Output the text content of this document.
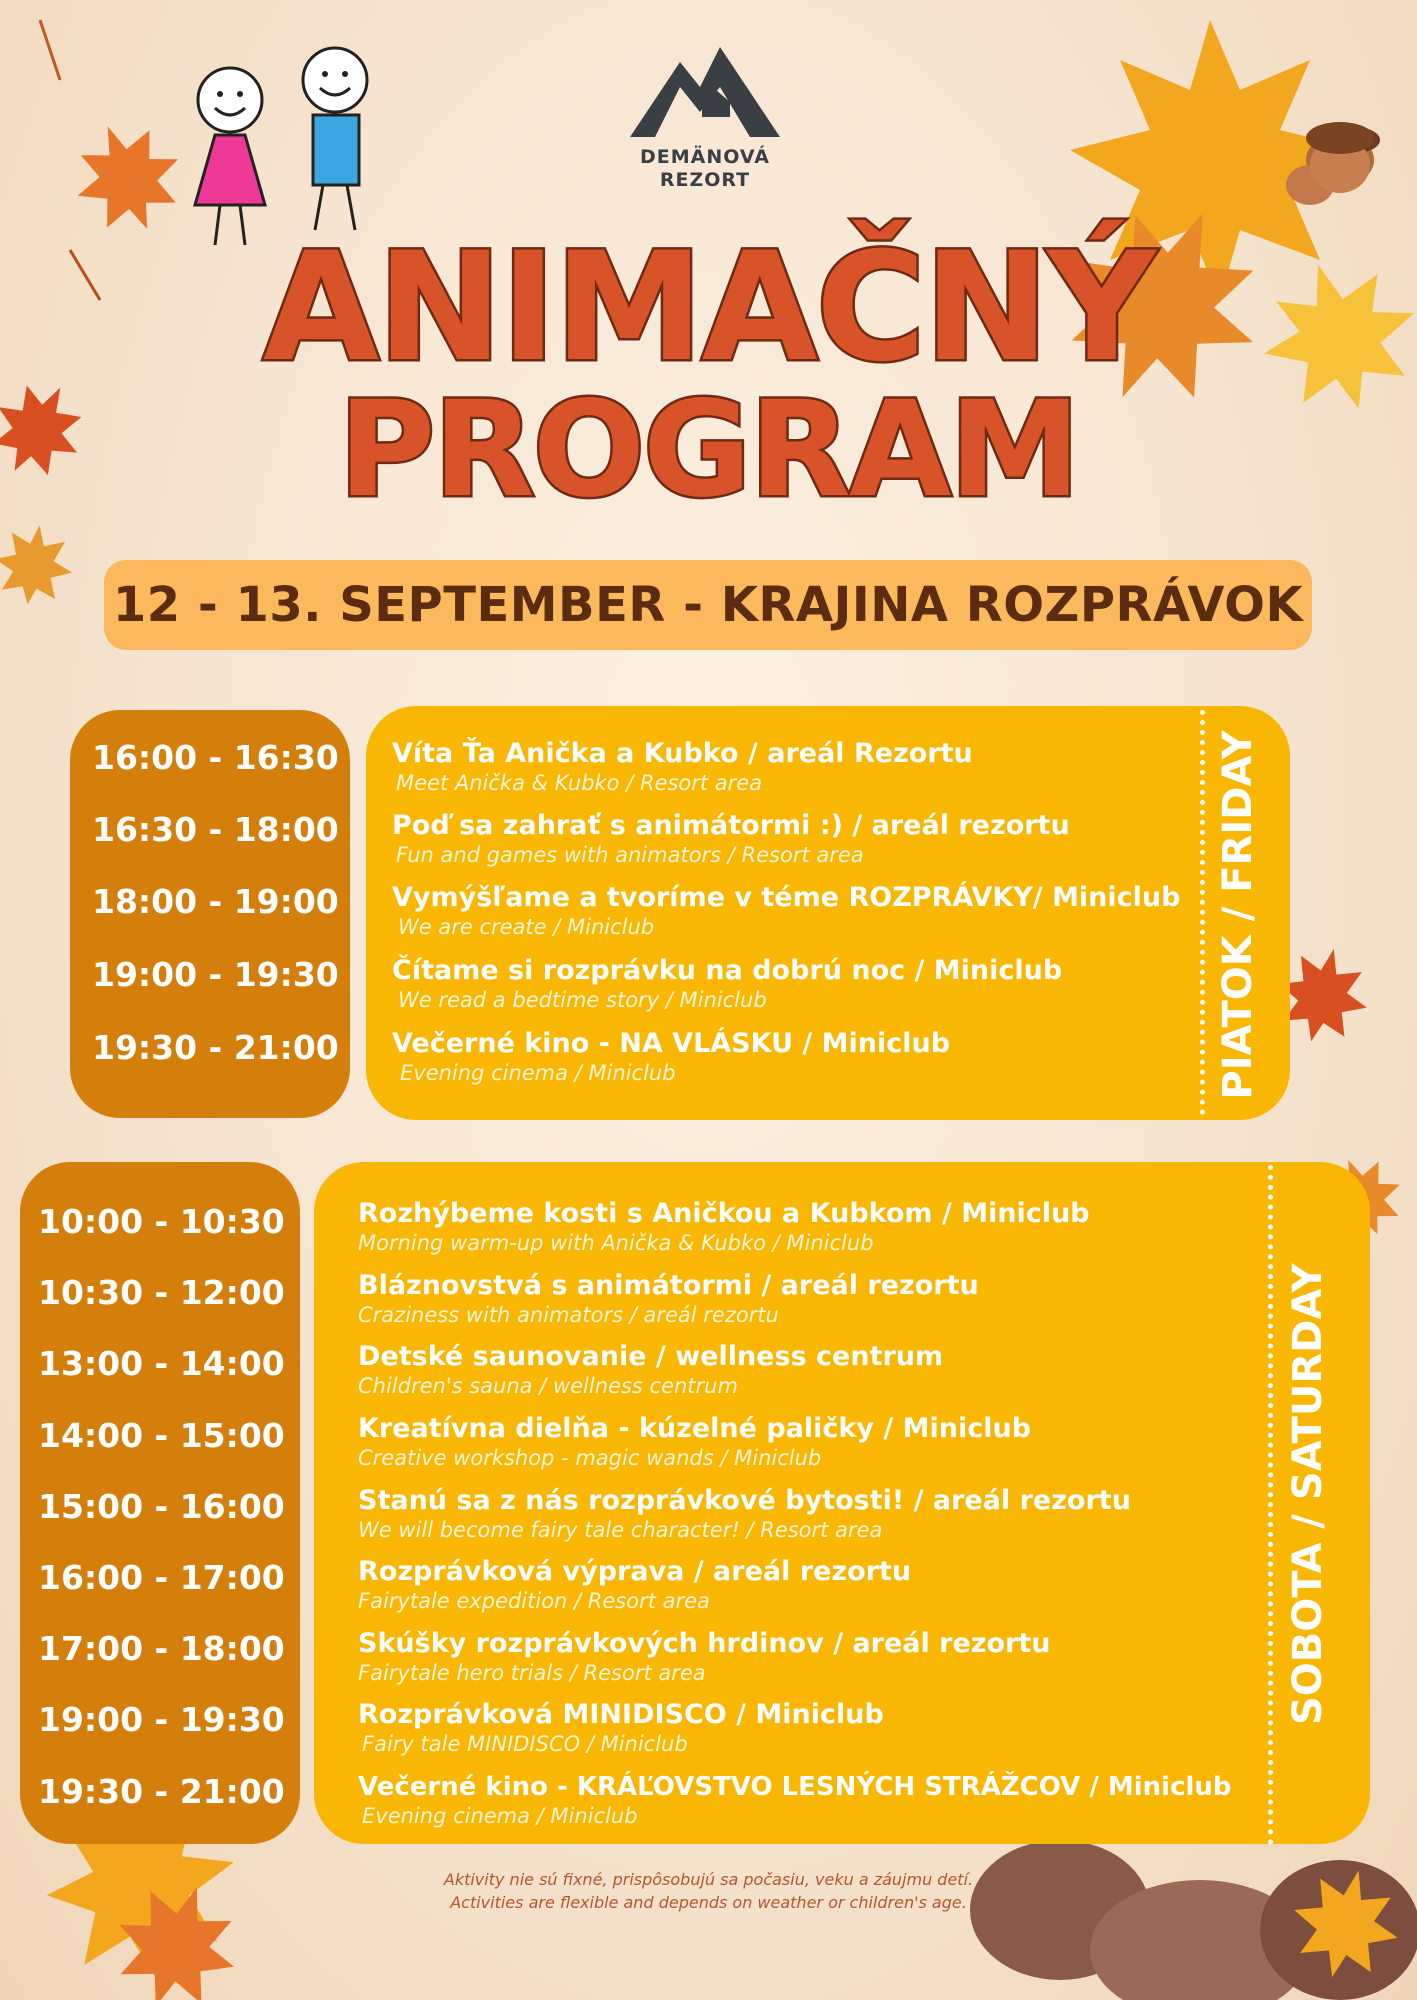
DEMÄNOVÁ
REZORT
ANIMAČNÝ
PROGRAM
12 - 13. SEPTEMBER - KRAJINA ROZPRÁVOK
PIATOK / FRIDAY
16:00 - 16:30
16:30 - 18:00
18:00 - 19:00
19:00 - 19:30
19:30 - 21:00
Víta Ťa Anička a Kubko / areál Rezortu
Meet Anička & Kubko / Resort area
Poď sa zahrať s animátormi :) / areál rezortu
Fun and games with animators / Resort area
Vymýšľame a tvoríme v téme ROZPRÁVKY/ Miniclub
We are create / Miniclub
Čítame si rozprávku na dobrú noc / Miniclub
We read a bedtime story / Miniclub
Večerné kino - NA VLÁSKU / Miniclub
Evening cinema / Miniclub
SOBOTA / SATURDAY
10:00 - 10:30
10:30 - 12:00
13:00 - 14:00
14:00 - 15:00
15:00 - 16:00
16:00 - 17:00
17:00 - 18:00
19:00 - 19:30
19:30 - 21:00
Rozhýbeme kosti s Aničkou a Kubkom / Miniclub
Morning warm-up with Anička & Kubko / Miniclub
Bláznovstvá s animátormi / areál rezortu
Craziness with animators / areál rezortu
Detské saunovanie / wellness centrum
Children's sauna / wellness centrum
Kreatívna dielňa - kúzelné paličky / Miniclub
Creative workshop - magic wands / Miniclub
Stanú sa z nás rozprávkové bytosti! / areál rezortu
We will become fairy tale character! / Resort area
Rozprávková výprava / areál rezortu
Fairytale expedition / Resort area
Skúšky rozprávkových hrdinov / areál rezortu
Fairytale hero trials / Resort area
Rozprávková MINIDISCO / Miniclub
Fairy tale MINIDISCO / Miniclub
Večerné kino - KRÁĽOVSTVO LESNÝCH STRÁŽCOV / Miniclub
Evening cinema / Miniclub
Aktivity nie sú fixné, prispôsobujú sa počasiu, veku a záujmu detí.
Activities are flexible and depends on weather or children's age.
